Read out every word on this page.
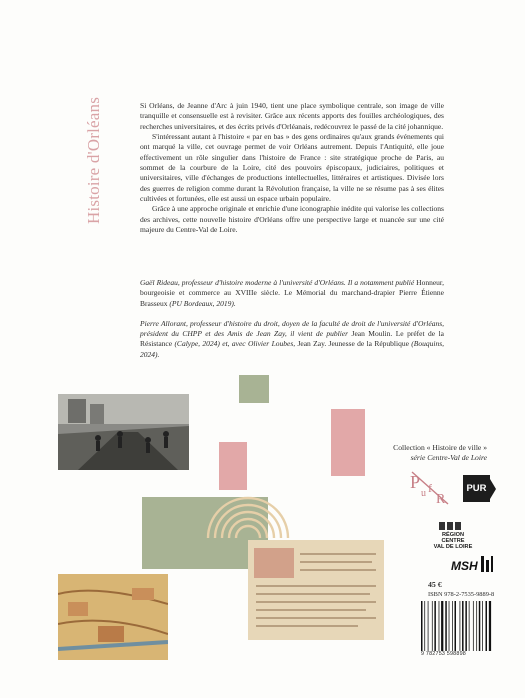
Histoire d'Orléans	Si Orléans, de Jeanne d'Arc à juin 1940, tient une place symbolique centrale, son image de ville tranquille et consensuelle est à revisiter. Grâce aux récents apports des fouilles archéologiques, des recherches universitaires, et des écrits privés d'Orléanais, redécouvrez le passé de la cité johannique.

S'intéressant autant à l'histoire « par en bas » des gens ordinaires qu'aux grands événements qui ont marqué la ville, cet ouvrage permet de voir Orléans autrement. Depuis l'Antiquité, elle joue effectivement un rôle singulier dans l'histoire de France : site stratégique proche de Paris, au sommet de la courbure de la Loire, cité des pouvoirs épiscopaux, judiciaires, politiques et universitaires, ville d'échanges de productions intellectuelles, littéraires et artistiques. Divisée lors des guerres de religion comme durant la Révolution française, la ville ne se résume pas à ses élites cultivées et fortunées, elle est aussi un espace urbain populaire.

Grâce à une approche originale et enrichie d'une iconographie inédite qui valorise les collections des archives, cette nouvelle histoire d'Orléans offre une perspective large et nuancée sur une cité majeure du Centre-Val de Loire.

Gaël Rideau, professeur d'histoire moderne à l'université d'Orléans. Il a notamment publié Honneur, bourgeoisie et commerce au XVIIIe siècle. Le Mémorial du marchand-drapier Pierre Étienne Brasseux (PU Bordeaux, 2019).

Pierre Allorant, professeur d'histoire du droit, doyen de la faculté de droit de l'université d'Orléans, président du CHPP et des Amis de Jean Zay, il vient de publier Jean Moulin. Le préfet de la Résistance (Calype, 2024) et, avec Olivier Loubes, Jean Zay. Jeunesse de la République (Bouquins, 2024).

Collection « Histoire de ville »
série Centre-Val de Loire
P
u f
R
PUR
RÉGION
CENTRE
VAL DE LOIRE
MSH
45 €
ISBN 978-2-7535-9889-8
9 782753 598898
